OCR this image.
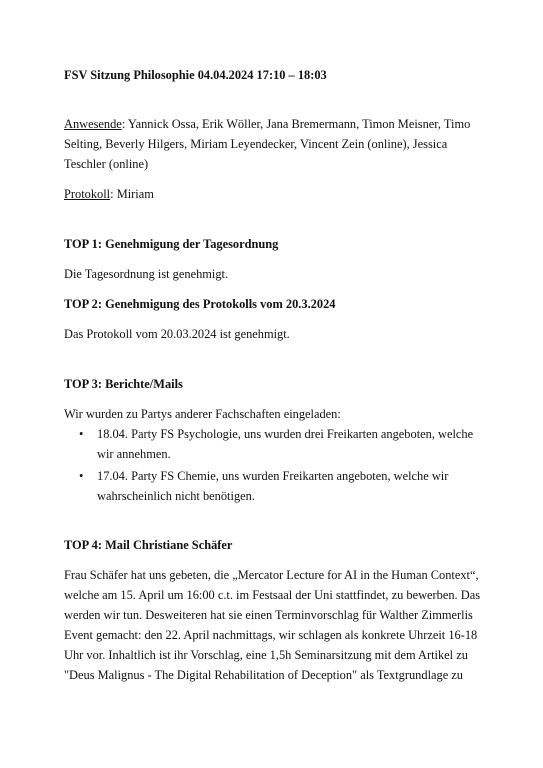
FSV Sitzung Philosophie 04.04.2024 17:10 – 18:03

Anwesende: Yannick Ossa, Erik Wöller, Jana Bremermann, Timon Meisner, Timo Selting, Beverly Hilgers, Miriam Leyendecker, Vincent Zein (online), Jessica Teschler (online)

Protokoll: Miriam

TOP 1: Genehmigung der Tagesordnung

Die Tagesordnung ist genehmigt.

TOP 2: Genehmigung des Protokolls vom 20.3.2024

Das Protokoll vom 20.03.2024 ist genehmigt.

TOP 3: Berichte/Mails

Wir wurden zu Partys anderer Fachschaften eingeladen:

• 18.04. Party FS Psychologie, uns wurden drei Freikarten angeboten, welche wir annehmen.
• 17.04. Party FS Chemie, uns wurden Freikarten angeboten, welche wir wahrscheinlich nicht benötigen.

TOP 4: Mail Christiane Schäfer

Frau Schäfer hat uns gebeten, die „Mercator Lecture for AI in the Human Context“, welche am 15. April um 16:00 c.t. im Festsaal der Uni stattfindet, zu bewerben. Das werden wir tun. Desweiteren hat sie einen Terminvorschlag für Walther Zimmerlis Event gemacht: den 22. April nachmittags, wir schlagen als konkrete Uhrzeit 16-18 Uhr vor. Inhaltlich ist ihr Vorschlag, eine 1,5h Seminarsitzung mit dem Artikel zu "Deus Malignus - The Digital Rehabilitation of Deception" als Textgrundlage zu
